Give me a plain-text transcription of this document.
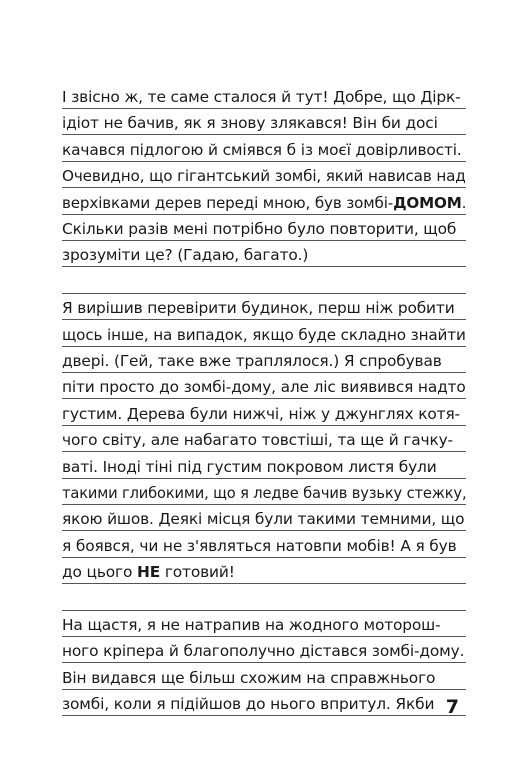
І звісно ж, те саме сталося й тут! Добре, що Дірк-
ідіот не бачив, як я знову злякався! Він би досі
качався підлогою й сміявся б із моєї довірливості.
Очевидно, що гігантський зомбі, який нависав над
верхівками дерев переді мною, був зомбі-ДОМОМ.
Скільки разів мені потрібно було повторити, щоб
зрозуміти це? (Гадаю, багато.)
Я вирішив перевірити будинок, перш ніж робити
щось інше, на випадок, якщо буде складно знайти
двері. (Гей, таке вже траплялося.) Я спробував
піти просто до зомбі-дому, але ліс виявився надто
густим. Дерева були нижчі, ніж у джунглях котя-
чого світу, але набагато товстіші, та ще й гачку-
ваті. Іноді тіні під густим покровом листя були
такими глибокими, що я ледве бачив вузьку стежку,
якою йшов. Деякі місця були такими темними, що
я боявся, чи не з'являться натовпи мобів! А я був
до цього НЕ готовий!
На щастя, я не натрапив на жодного моторош-
ного кріпера й благополучно дістався зомбі-дому.
Він видався ще більш схожим на справжнього
зомбі, коли я підійшов до нього впритул. Якби 7
